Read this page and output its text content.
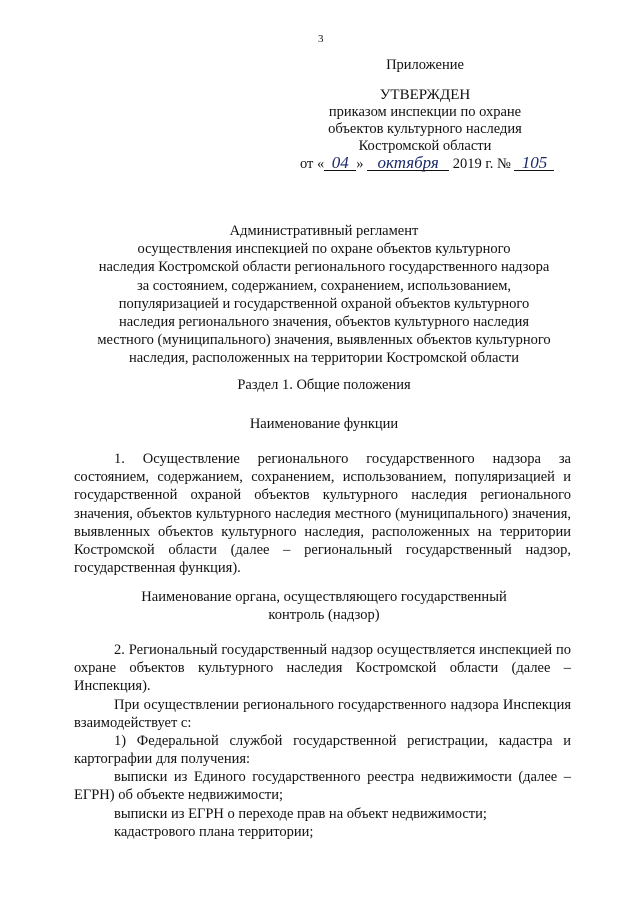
3
Приложение
УТВЕРЖДЕН
приказом инспекции по охране
объектов культурного наследия
Костромской области
от « 04 » октября 2019 г. № 105
Административный регламент
осуществления инспекцией по охране объектов культурного
наследия Костромской области регионального государственного надзора
за состоянием, содержанием, сохранением, использованием,
популяризацией и государственной охраной объектов культурного
наследия регионального значения, объектов культурного наследия
местного (муниципального) значения, выявленных объектов культурного
наследия, расположенных на территории Костромской области
Раздел 1. Общие положения
Наименование функции

1. Осуществление регионального государственного надзора за состоянием, содержанием, сохранением, использованием, популяризацией и государственной охраной объектов культурного наследия регионального значения, объектов культурного наследия местного (муниципального) значения, выявленных объектов культурного наследия, расположенных на территории Костромской области (далее – региональный государственный надзор, государственная функция).

Наименование органа, осуществляющего государственный
контроль (надзор)

2. Региональный государственный надзор осуществляется инспекцией по охране объектов культурного наследия Костромской области (далее – Инспекция).

При осуществлении регионального государственного надзора Инспекция взаимодействует с:

1) Федеральной службой государственной регистрации, кадастра и картографии для получения:

выписки из Единого государственного реестра недвижимости (далее – ЕГРН) об объекте недвижимости;

выписки из ЕГРН о переходе прав на объект недвижимости;
кадастрового плана территории;
